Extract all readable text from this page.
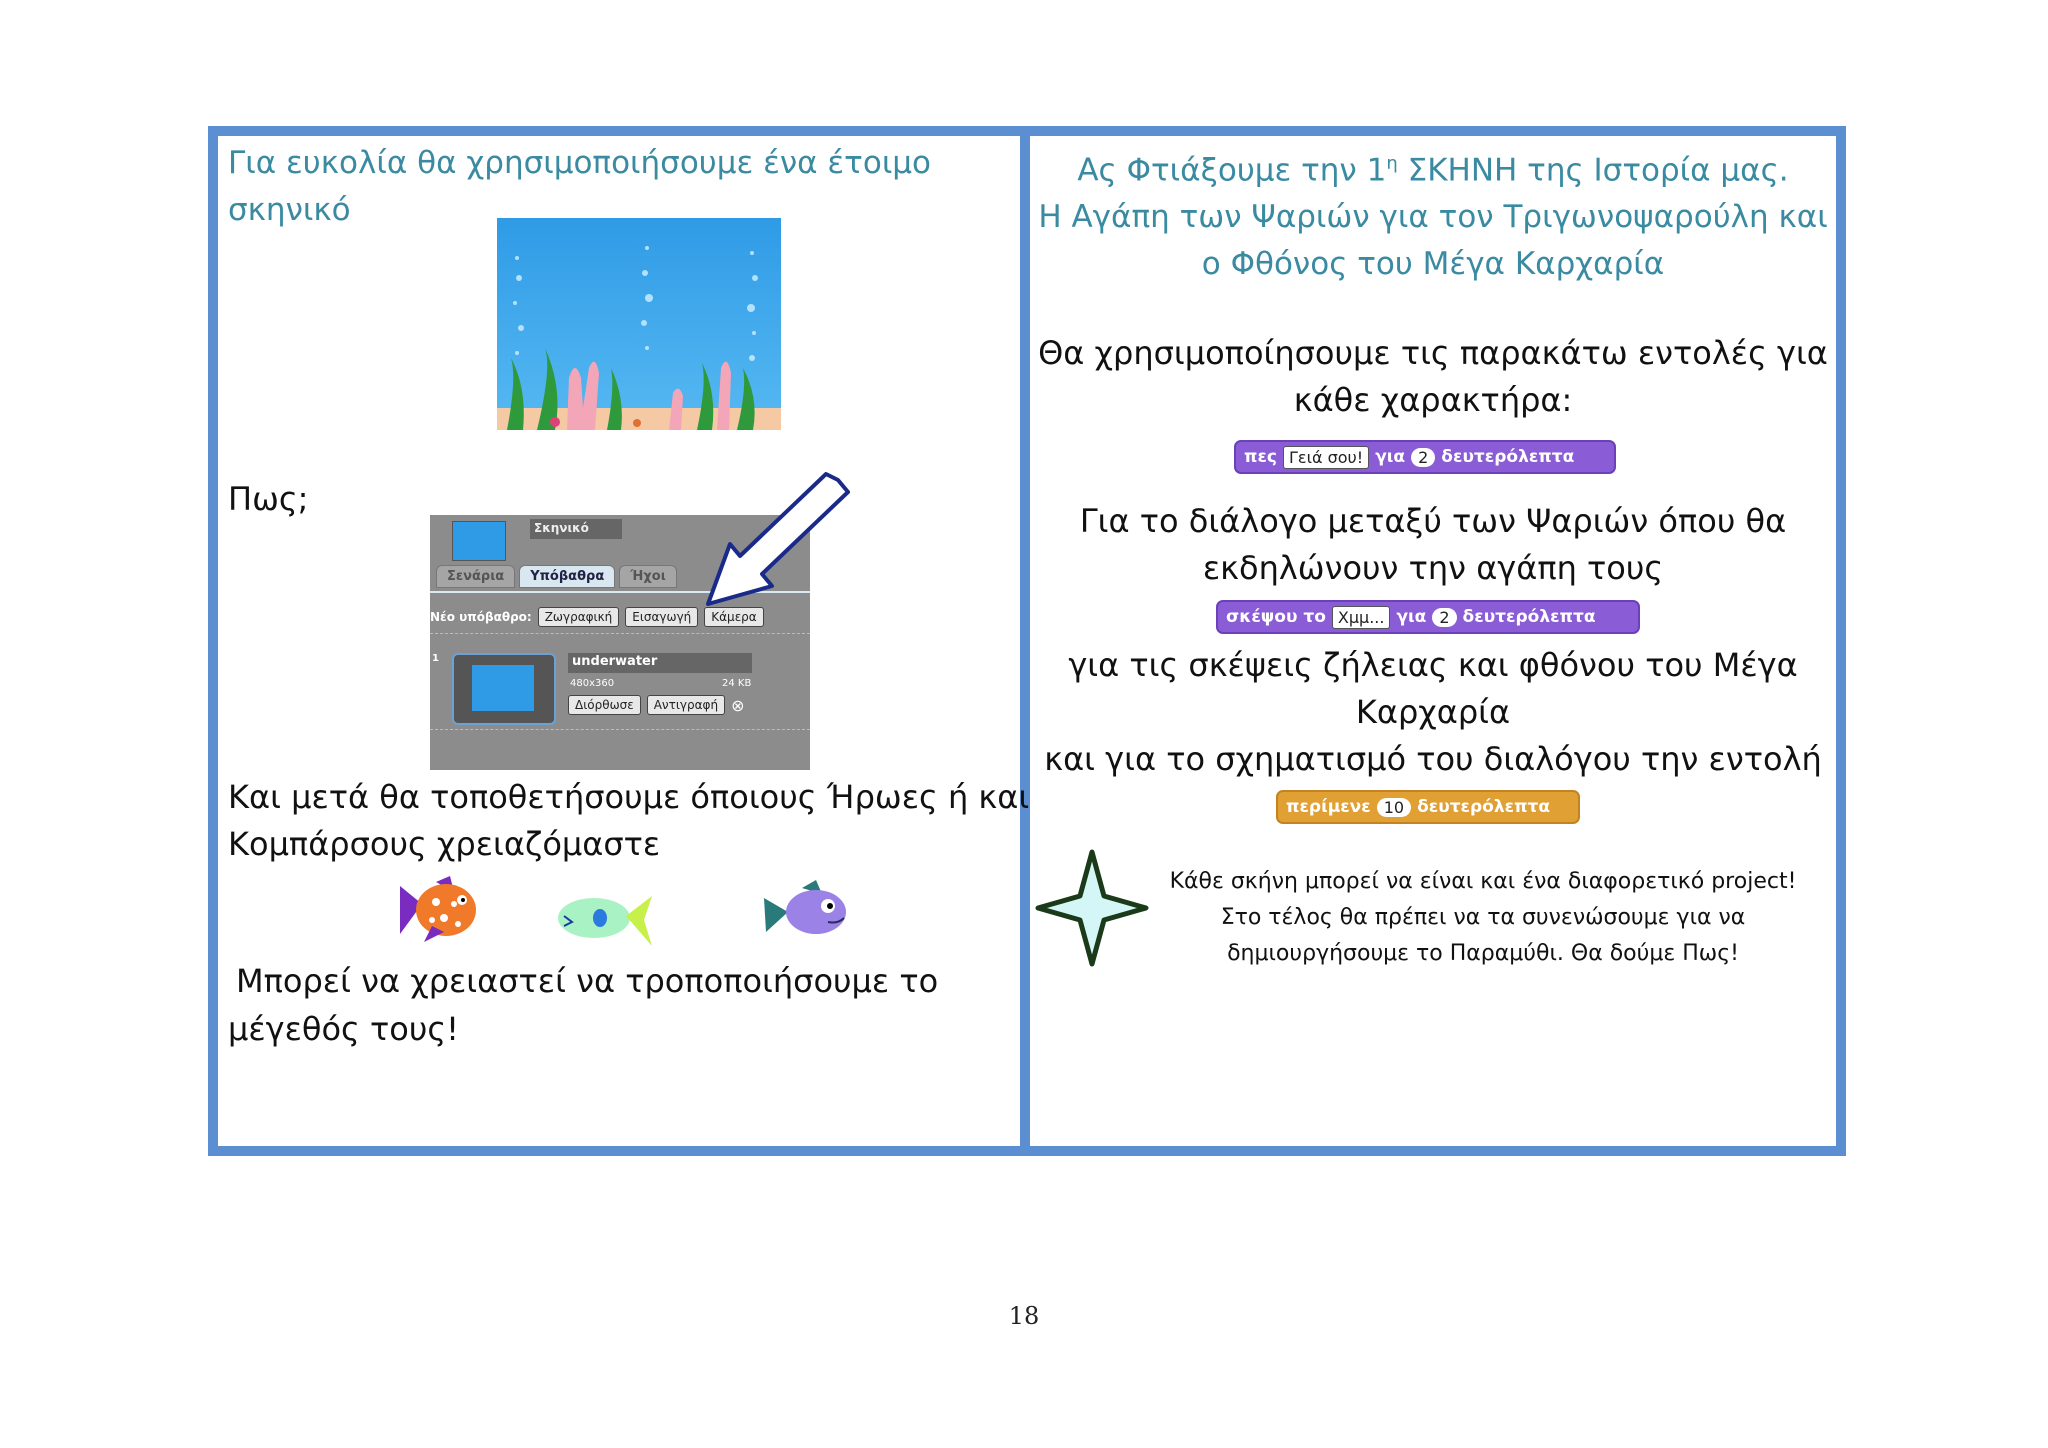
Για ευκολία θα χρησιμοποιήσουμε ένα έτοιμο
σκηνικό
Πως;
Σκηνικό
Σενάρια	Υπόβαθρα	Ήχοι
Νέο υπόβαθρο:	Ζωγραφική	Εισαγωγή	Κάμερα
1	underwater
480x360	24 KB
Διόρθωσε	Αντιγραφή ⊗
Και μετά θα τοποθετήσουμε όποιους Ήρωες ή και
Κομπάρσους χρειαζόμαστε
Μπορεί να χρειαστεί να τροποποιήσουμε το
μέγεθός τους!
Ας Φτιάξουμε την $1^\eta$ ΣΚΗΝΗ της Ιστορία μας.
Η Αγάπη των Ψαριών για τον Τριγωνοψαρούλη και
ο Φθόνος του Μέγα Καρχαρία
Θα χρησιμοποίησουμε τις παρακάτω εντολές για
κάθε χαρακτήρα:
πες Γειά σου! για 2 δευτερόλεπτα
Για το διάλογο μεταξύ των Ψαριών όπου θα
εκδηλώνουν την αγάπη τους
σκέψου το Χμμ... για 2 δευτερόλεπτα
για τις σκέψεις ζήλειας και φθόνου του Μέγα
Καρχαρία
και για το σχηματισμό του διαλόγου την εντολή
περίμενε 10 δευτερόλεπτα
Κάθε σκήνη μπορεί να είναι και ένα διαφορετικό project!
Στο τέλος θα πρέπει να τα συνενώσουμε για να
δημιουργήσουμε το Παραμύθι. Θα δούμε Πως!
18
